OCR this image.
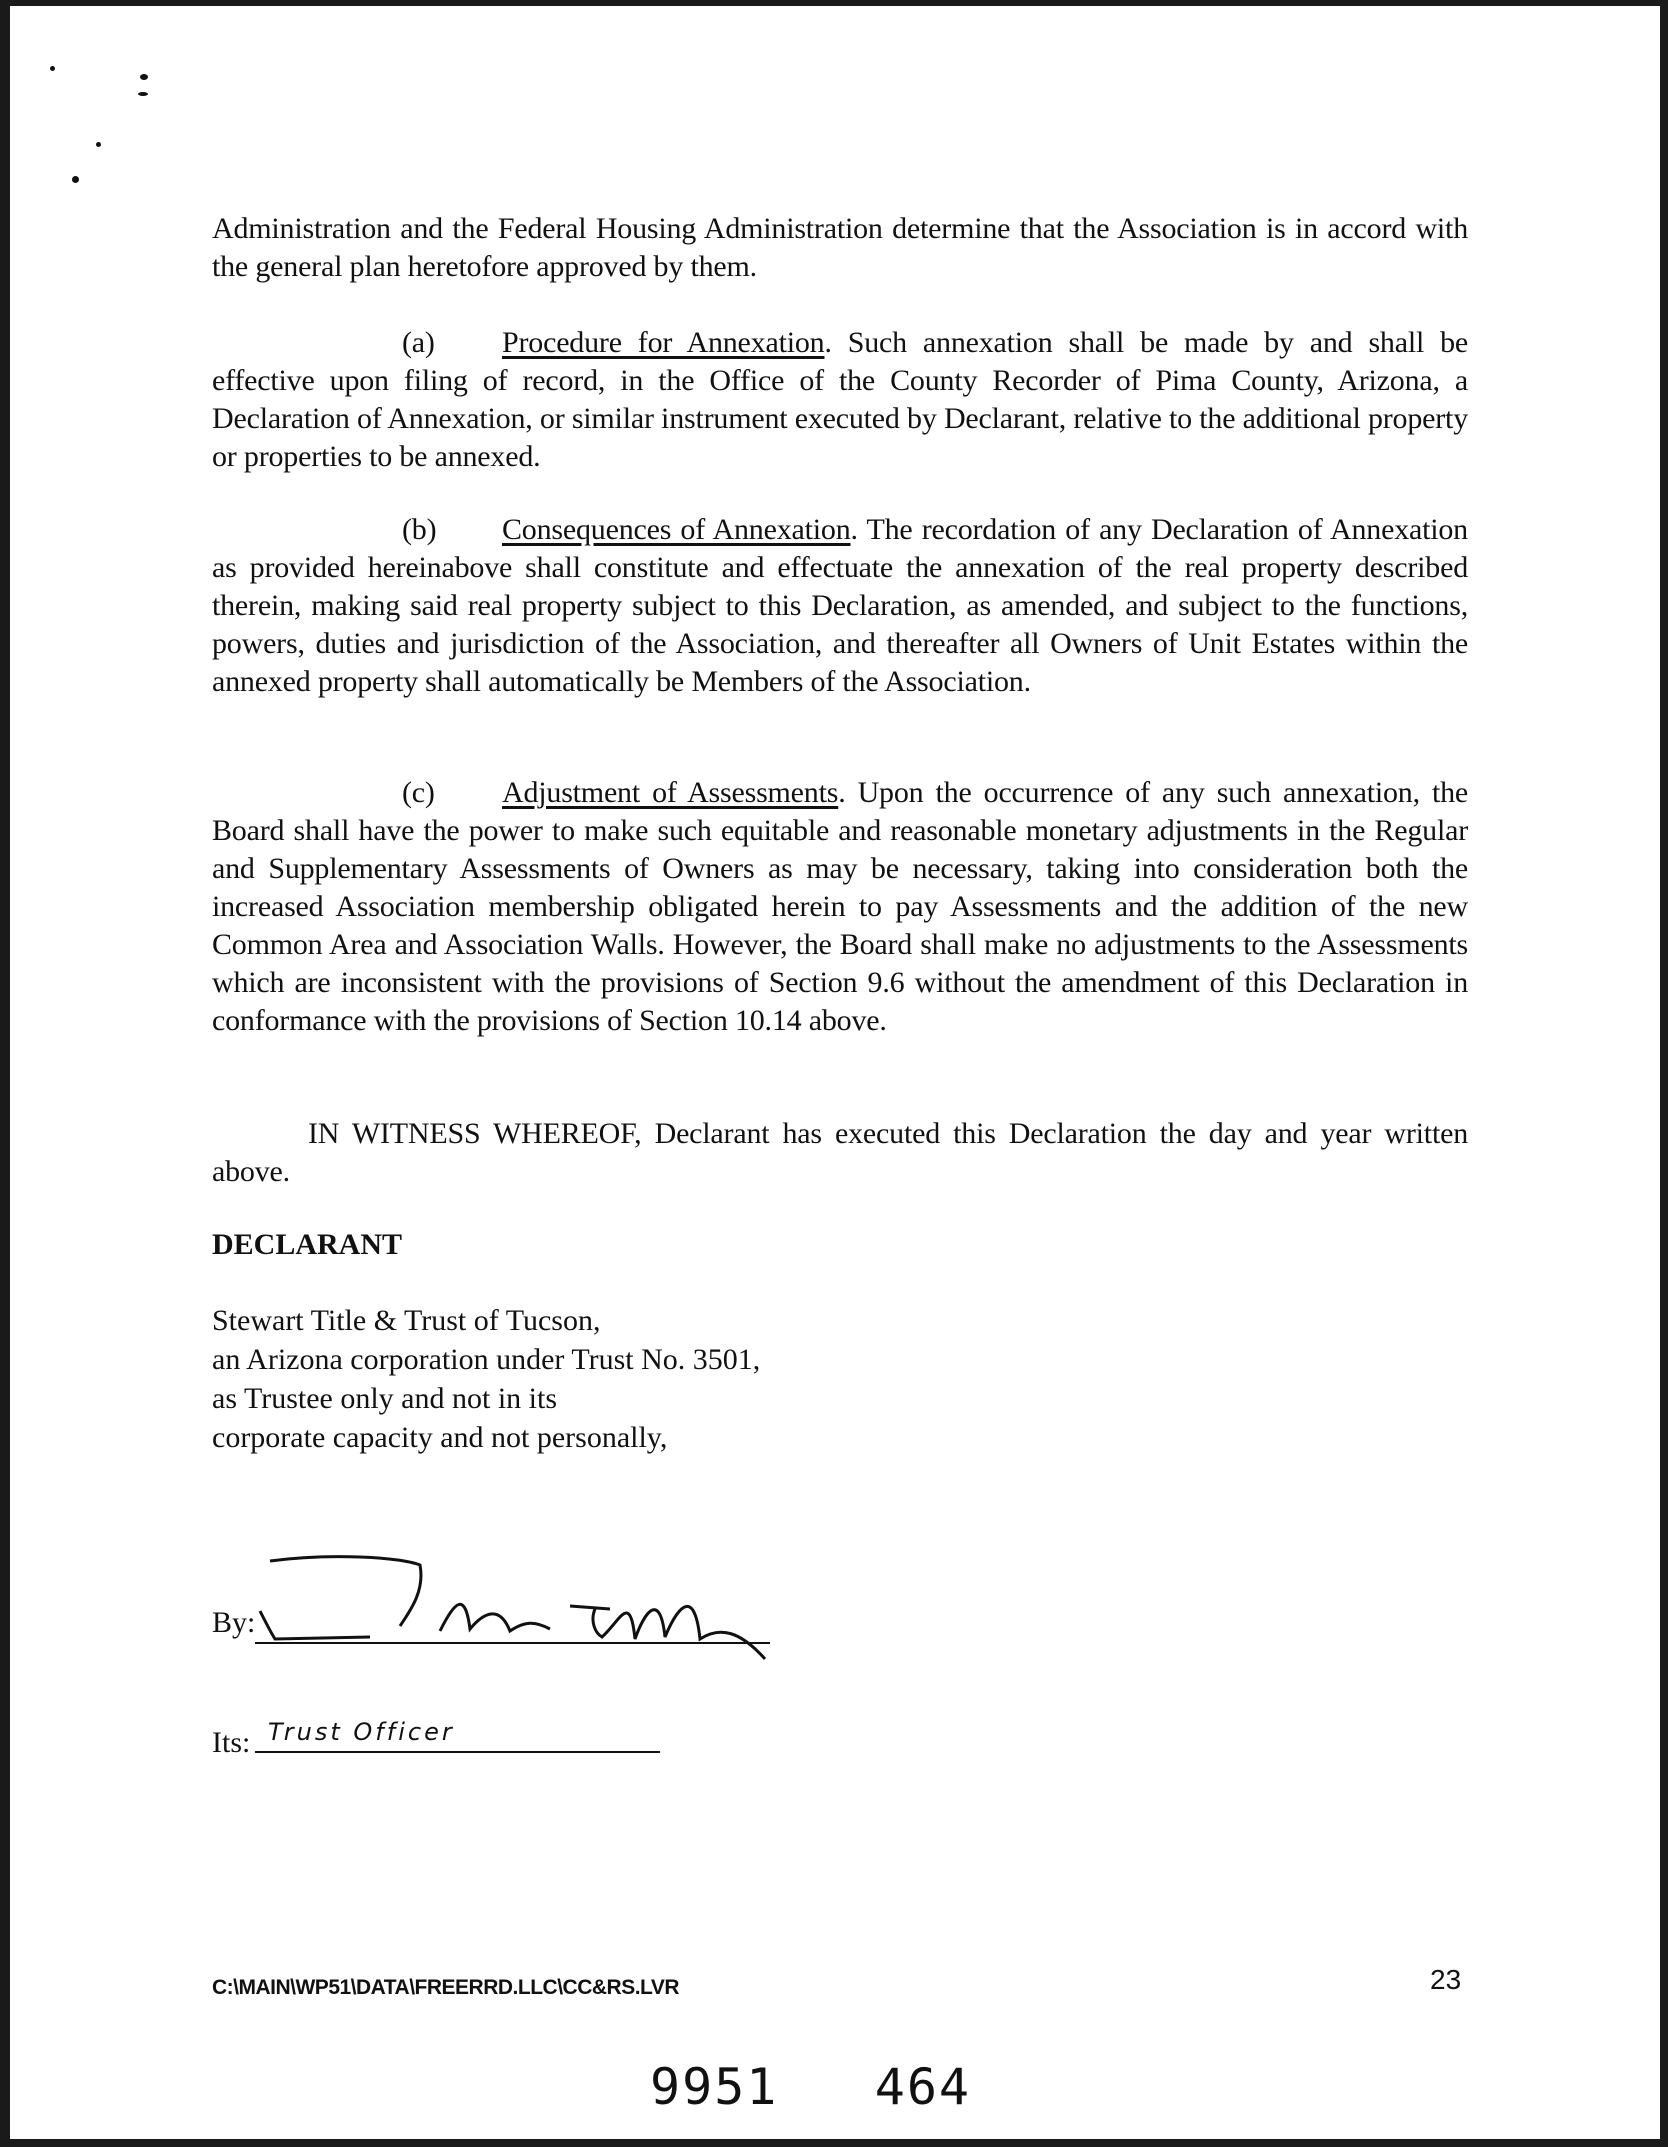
Administration and the Federal Housing Administration determine that the Association is in accord with the general plan heretofore approved by them.
(a) Procedure for Annexation. Such annexation shall be made by and shall be effective upon filing of record, in the Office of the County Recorder of Pima County, Arizona, a Declaration of Annexation, or similar instrument executed by Declarant, relative to the additional property or properties to be annexed.
(b) Consequences of Annexation. The recordation of any Declaration of Annexation as provided hereinabove shall constitute and effectuate the annexation of the real property described therein, making said real property subject to this Declaration, as amended, and subject to the functions, powers, duties and jurisdiction of the Association, and thereafter all Owners of Unit Estates within the annexed property shall automatically be Members of the Association.
(c) Adjustment of Assessments. Upon the occurrence of any such annexation, the Board shall have the power to make such equitable and reasonable monetary adjustments in the Regular and Supplementary Assessments of Owners as may be necessary, taking into consideration both the increased Association membership obligated herein to pay Assessments and the addition of the new Common Area and Association Walls. However, the Board shall make no adjustments to the Assessments which are inconsistent with the provisions of Section 9.6 without the amendment of this Declaration in conformance with the provisions of Section 10.14 above.
IN WITNESS WHEREOF, Declarant has executed this Declaration the day and year written above.
DECLARANT
Stewart Title & Trust of Tucson,
an Arizona corporation under Trust No. 3501,
as Trustee only and not in its
corporate capacity and not personally,
By:
Its: Trust Officer
C:\MAIN\WP51\DATA\FREERRD.LLC\CC&RS.LVR	23
9951   464
